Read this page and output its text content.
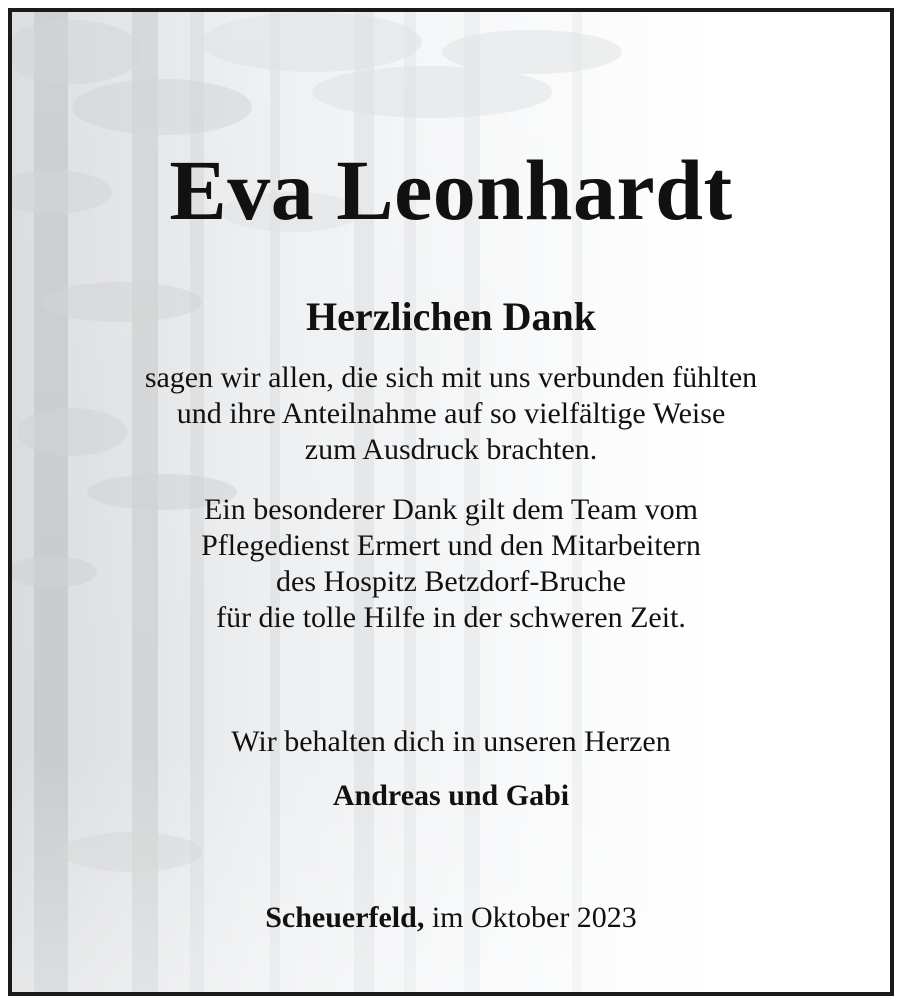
Eva Leonhardt
Herzlichen Dank
sagen wir allen, die sich mit uns verbunden fühlten
und ihre Anteilnahme auf so vielfältige Weise
zum Ausdruck brachten.
Ein besonderer Dank gilt dem Team vom
Pflegedienst Ermert und den Mitarbeitern
des Hospitz Betzdorf-Bruche
für die tolle Hilfe in der schweren Zeit.
Wir behalten dich in unseren Herzen
Andreas und Gabi
Scheuerfeld, im Oktober 2023
